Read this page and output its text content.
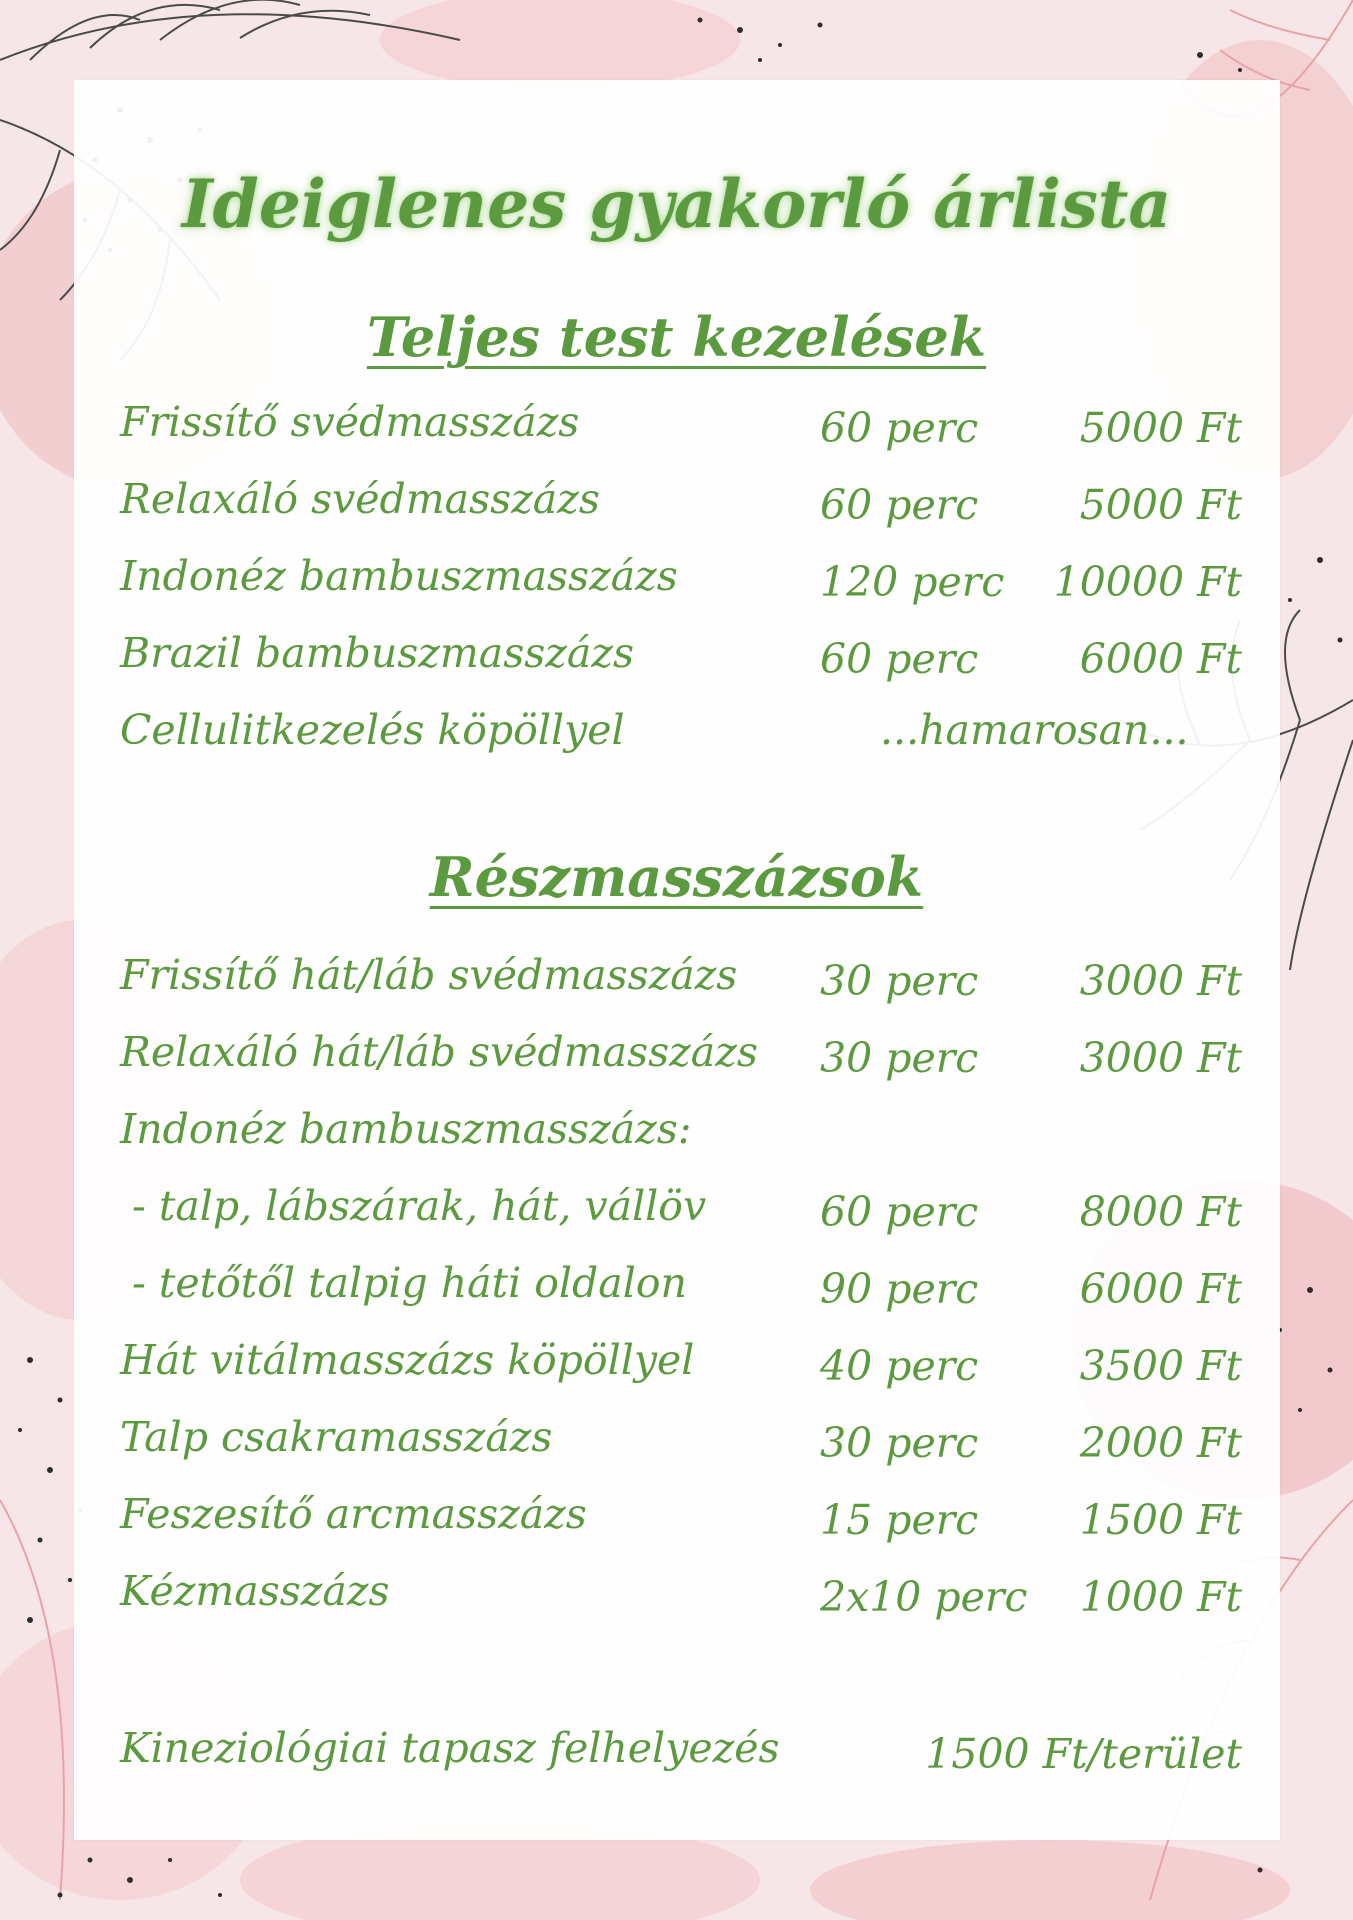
Ideiglenes gyakorló árlista
Teljes test kezelések
Frissítő svédmasszázs	60 perc 5000 Ft
Relaxáló svédmasszázs	60 perc 5000 Ft
Indonéz bambuszmasszázs	120 perc 10000 Ft
Brazil bambuszmasszázs	60 perc 6000 Ft
Cellulitkezelés köpöllyel	...hamarosan...
Részmasszázsok
Frissítő hát/láb svédmasszázs 30 perc 3000 Ft
Relaxáló hát/láb svédmasszázs 30 perc 3000 Ft
Indonéz bambuszmasszázs:
- talp, lábszárak, hát, vállöv	60 perc 8000 Ft
- tetőtől talpig háti oldalon	90 perc 6000 Ft
Hát vitálmasszázs köpöllyel	40 perc 3500 Ft
Talp csakramasszázs	30 perc 2000 Ft
Feszesítő arcmasszázs	15 perc 1500 Ft
Kézmasszázs	2x10 perc 1000 Ft
Kineziológiai tapasz felhelyezés	1500 Ft/terület
